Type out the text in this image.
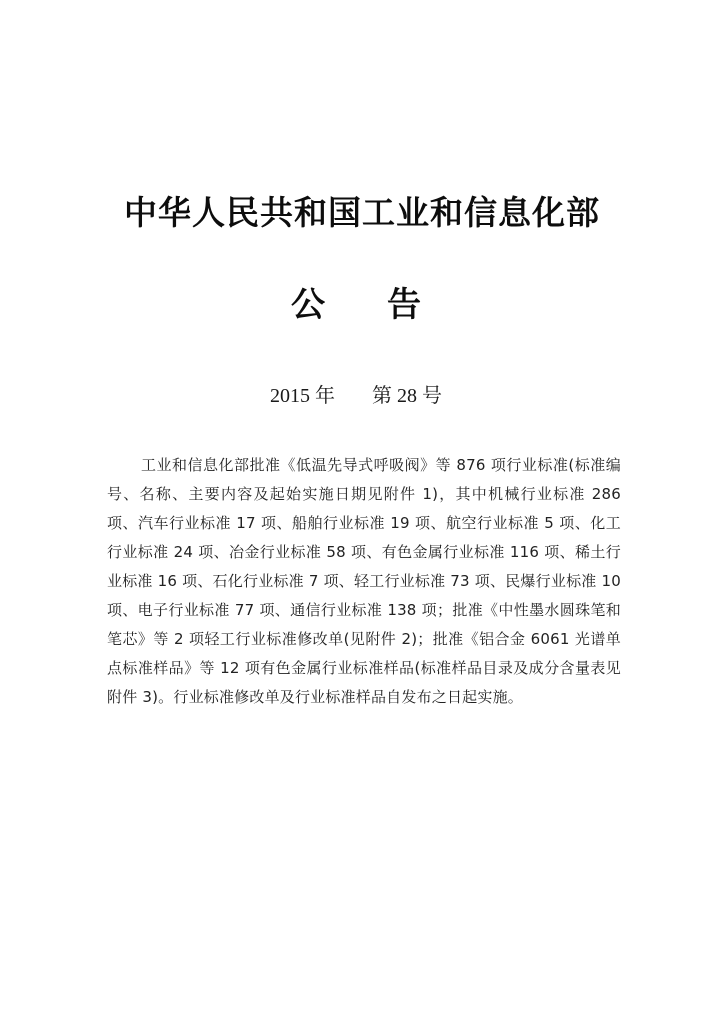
中华人民共和国工业和信息化部
公 告
2015 年 第 28 号

工业和信息化部批准《低温先导式呼吸阀》等 876 项行业标准(标准编号、名称、主要内容及起始实施日期见附件 1)，其中机械行业标准 286 项、汽车行业标准 17 项、船舶行业标准 19 项、航空行业标准 5 项、化工行业标准 24 项、冶金行业标准 58 项、有色金属行业标准 116 项、稀土行业标准 16 项、石化行业标准 7 项、轻工行业标准 73 项、民爆行业标准 10 项、电子行业标准 77 项、通信行业标准 138 项；批准《中性墨水圆珠笔和笔芯》等 2 项轻工行业标准修改单(见附件 2)；批准《铝合金 6061 光谱单点标准样品》等 12 项有色金属行业标准样品(标准样品目录及成分含量表见附件 3)。行业标准修改单及行业标准样品自发布之日起实施。
